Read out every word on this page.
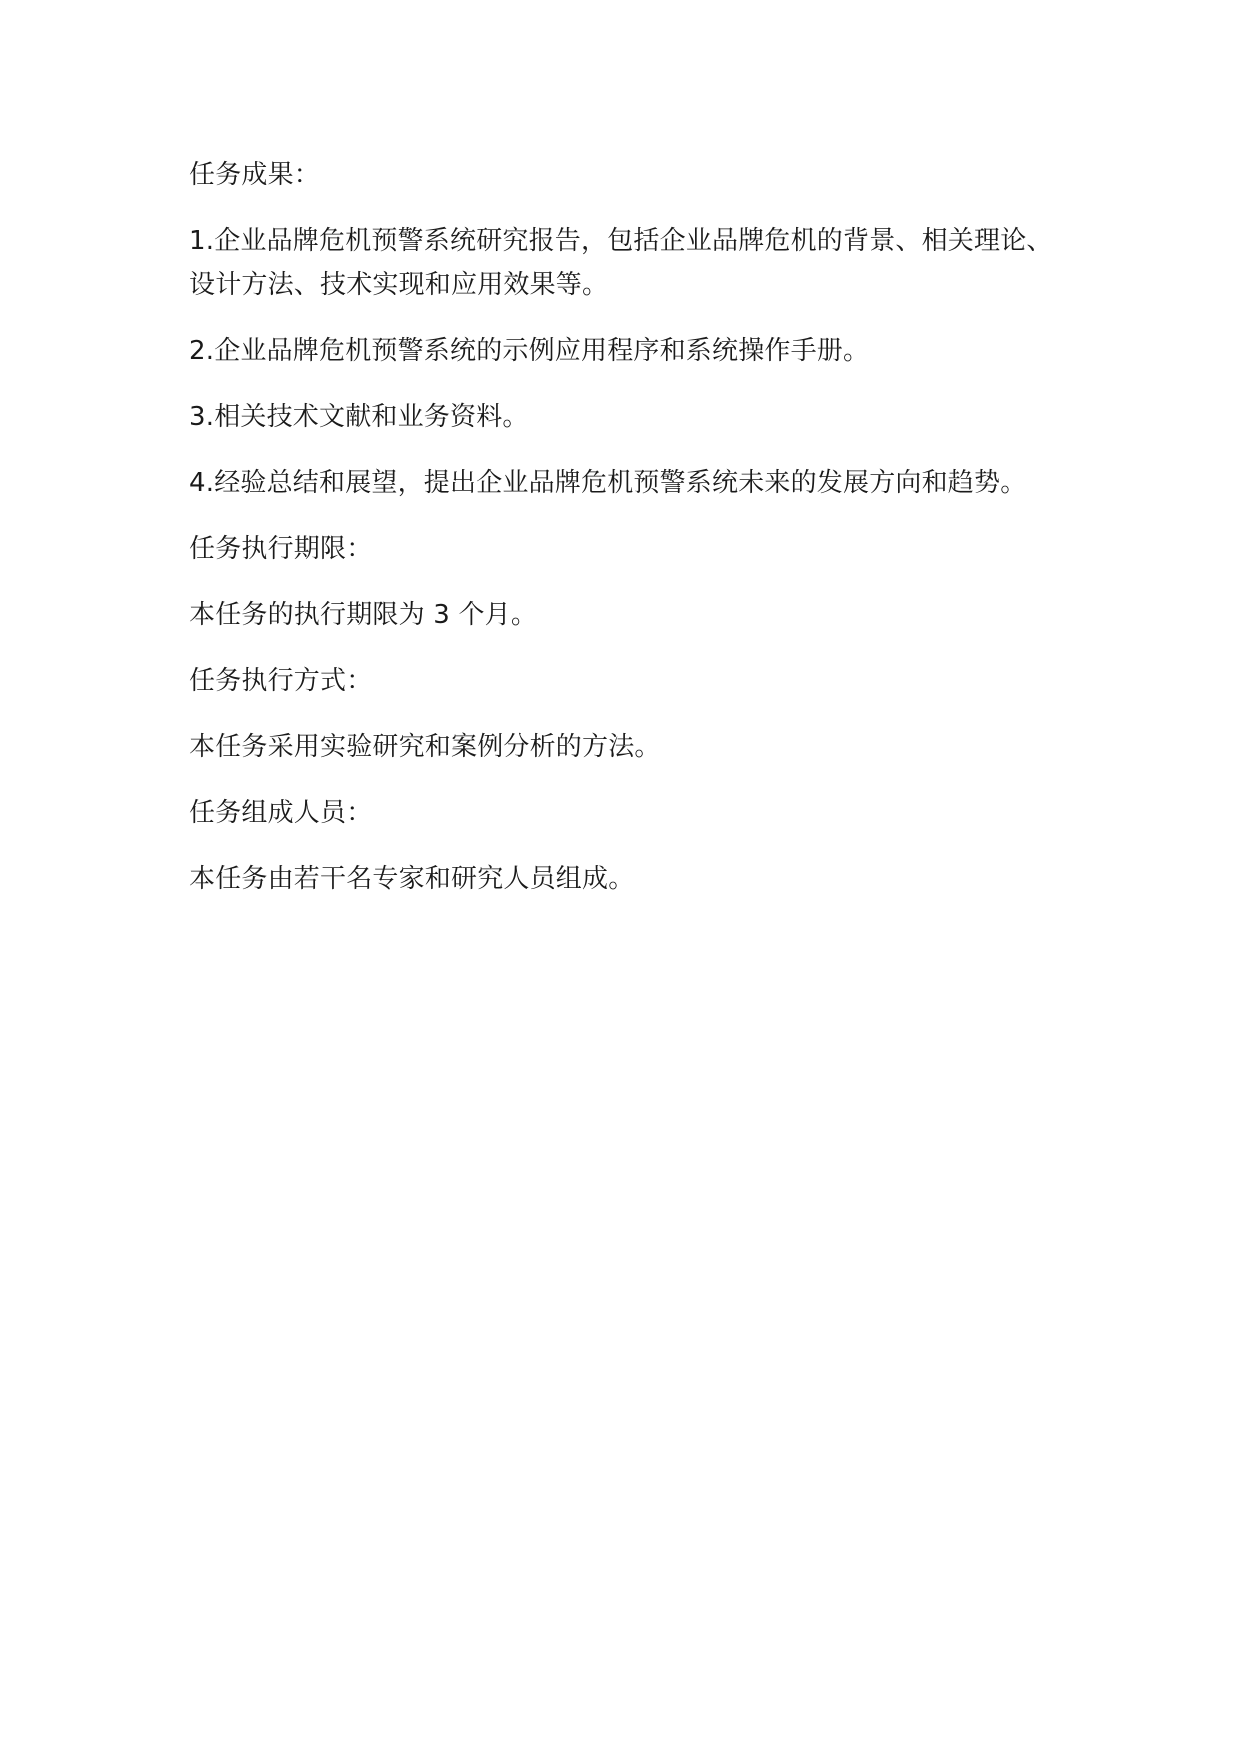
任务成果：

1.企业品牌危机预警系统研究报告，包括企业品牌危机的背景、相关理论、
设计方法、技术实现和应用效果等。

2.企业品牌危机预警系统的示例应用程序和系统操作手册。

3.相关技术文献和业务资料。

4.经验总结和展望，提出企业品牌危机预警系统未来的发展方向和趋势。

任务执行期限：

本任务的执行期限为 3 个月。

任务执行方式：

本任务采用实验研究和案例分析的方法。

任务组成人员：

本任务由若干名专家和研究人员组成。
